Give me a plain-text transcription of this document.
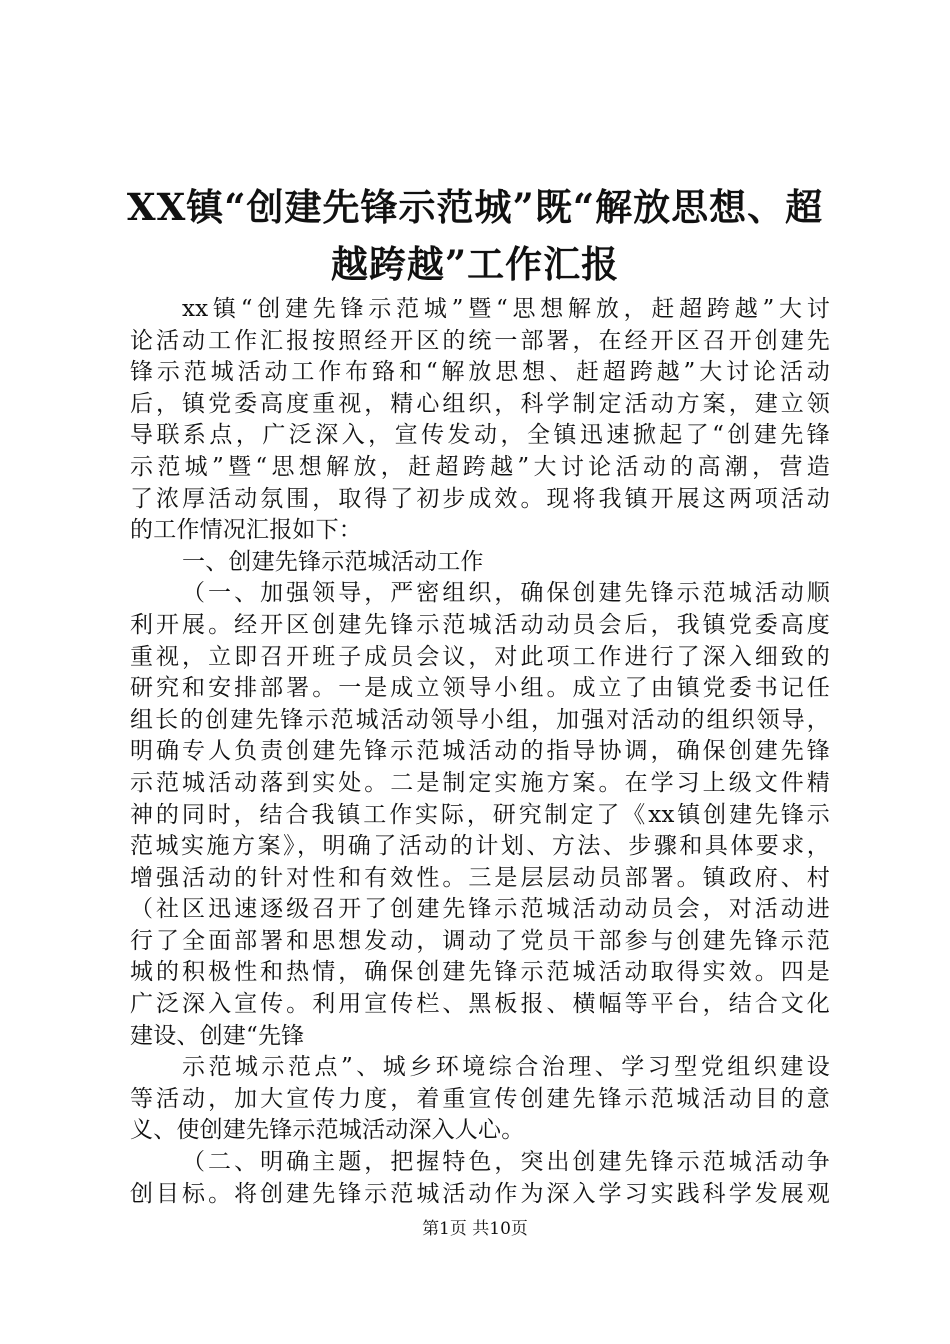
XX镇“创建先锋示范城”既“解放思想、超
越跨越”工作汇报
xx镇“创建先锋示范城”暨“思想解放，赶超跨越”大讨
论活动工作汇报按照经开区的统一部署，在经开区召开创建先
锋示范城活动工作布臵和“解放思想、赶超跨越”大讨论活动
后，镇党委高度重视，精心组织，科学制定活动方案，建立领
导联系点，广泛深入，宣传发动，全镇迅速掀起了“创建先锋
示范城”暨“思想解放，赶超跨越”大讨论活动的高潮，营造
了浓厚活动氛围，取得了初步成效。现将我镇开展这两项活动
的工作情况汇报如下：
一、创建先锋示范城活动工作
（一、加强领导，严密组织，确保创建先锋示范城活动顺
利开展。经开区创建先锋示范城活动动员会后，我镇党委高度
重视，立即召开班子成员会议，对此项工作进行了深入细致的
研究和安排部署。一是成立领导小组。成立了由镇党委书记任
组长的创建先锋示范城活动领导小组，加强对活动的组织领导，
明确专人负责创建先锋示范城活动的指导协调，确保创建先锋
示范城活动落到实处。二是制定实施方案。在学习上级文件精
神的同时，结合我镇工作实际，研究制定了《xx镇创建先锋示
范城实施方案》，明确了活动的计划、方法、步骤和具体要求，
增强活动的针对性和有效性。三是层层动员部署。镇政府、村
（社区迅速逐级召开了创建先锋示范城活动动员会，对活动进
行了全面部署和思想发动，调动了党员干部参与创建先锋示范
城的积极性和热情，确保创建先锋示范城活动取得实效。四是
广泛深入宣传。利用宣传栏、黑板报、横幅等平台，结合文化
建设、创建“先锋
示范城示范点”、城乡环境综合治理、学习型党组织建设
等活动，加大宣传力度，着重宣传创建先锋示范城活动目的意
义、使创建先锋示范城活动深入人心。
（二、明确主题，把握特色，突出创建先锋示范城活动争
创目标。将创建先锋示范城活动作为深入学习实践科学发展观
第1页 共10页
